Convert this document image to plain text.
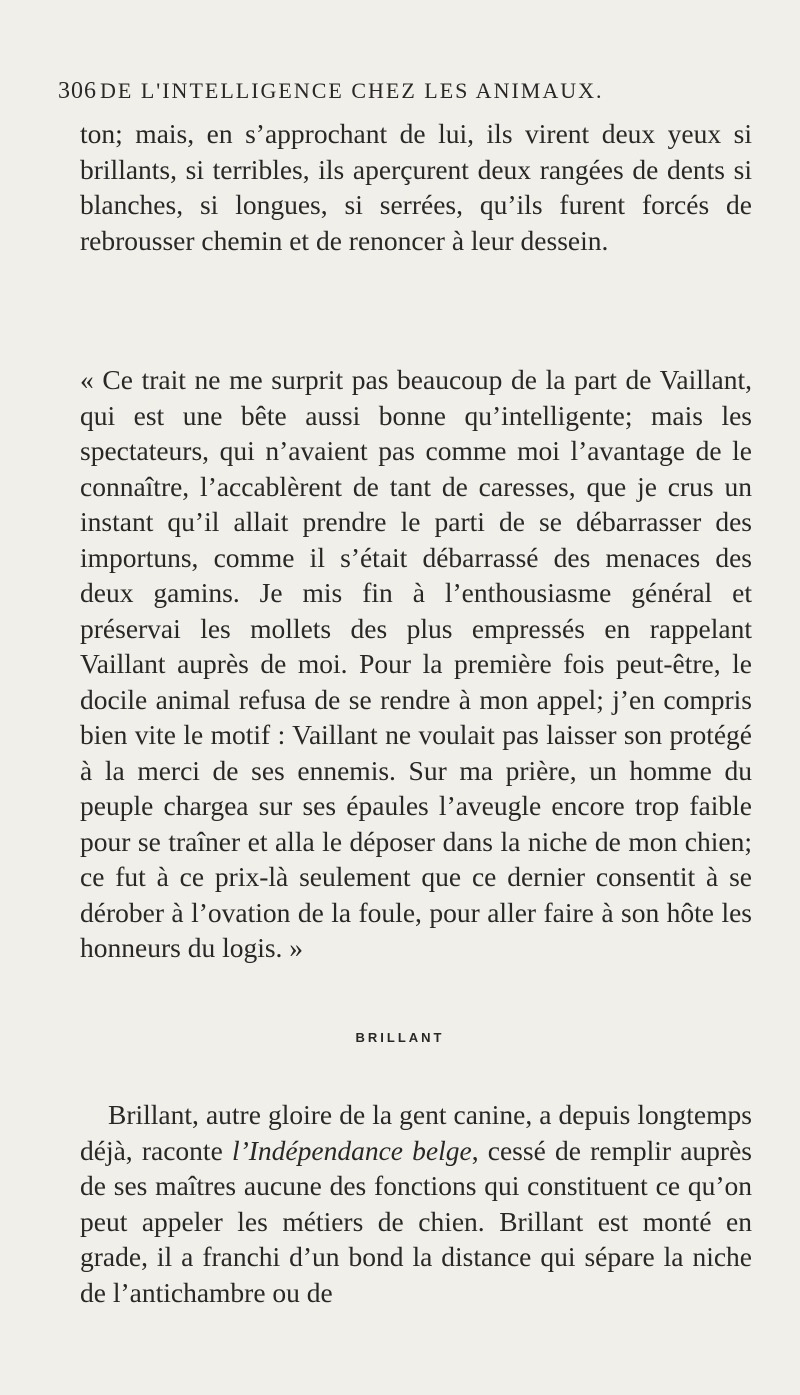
306 DE L'INTELLIGENCE CHEZ LES ANIMAUX.

ton; mais, en s’approchant de lui, ils virent deux yeux si brillants, si terribles, ils aperçurent deux rangées de dents si blanches, si longues, si serrées, qu’ils furent forcés de rebrousser chemin et de renoncer à leur dessein.

« Ce trait ne me surprit pas beaucoup de la part de Vaillant, qui est une bête aussi bonne qu’intelligente; mais les spectateurs, qui n’avaient pas comme moi l’avantage de le connaître, l’accablèrent de tant de caresses, que je crus un instant qu’il allait prendre le parti de se débarrasser des importuns, comme il s’était débarrassé des menaces des deux gamins. Je mis fin à l’enthousiasme général et préservai les mollets des plus empressés en rappelant Vaillant auprès de moi. Pour la première fois peut-être, le docile animal refusa de se rendre à mon appel; j’en compris bien vite le motif : Vaillant ne voulait pas laisser son protégé à la merci de ses ennemis. Sur ma prière, un homme du peuple chargea sur ses épaules l’aveugle encore trop faible pour se traîner et alla le déposer dans la niche de mon chien; ce fut à ce prix-là seulement que ce dernier consentit à se dérober à l’ovation de la foule, pour aller faire à son hôte les honneurs du logis. »

BRILLANT

Brillant, autre gloire de la gent canine, a depuis longtemps déjà, raconte l’Indépendance belge, cessé de remplir auprès de ses maîtres aucune des fonctions qui constituent ce qu’on peut appeler les métiers de chien. Brillant est monté en grade, il a franchi d’un bond la distance qui sépare la niche de l’antichambre ou de
